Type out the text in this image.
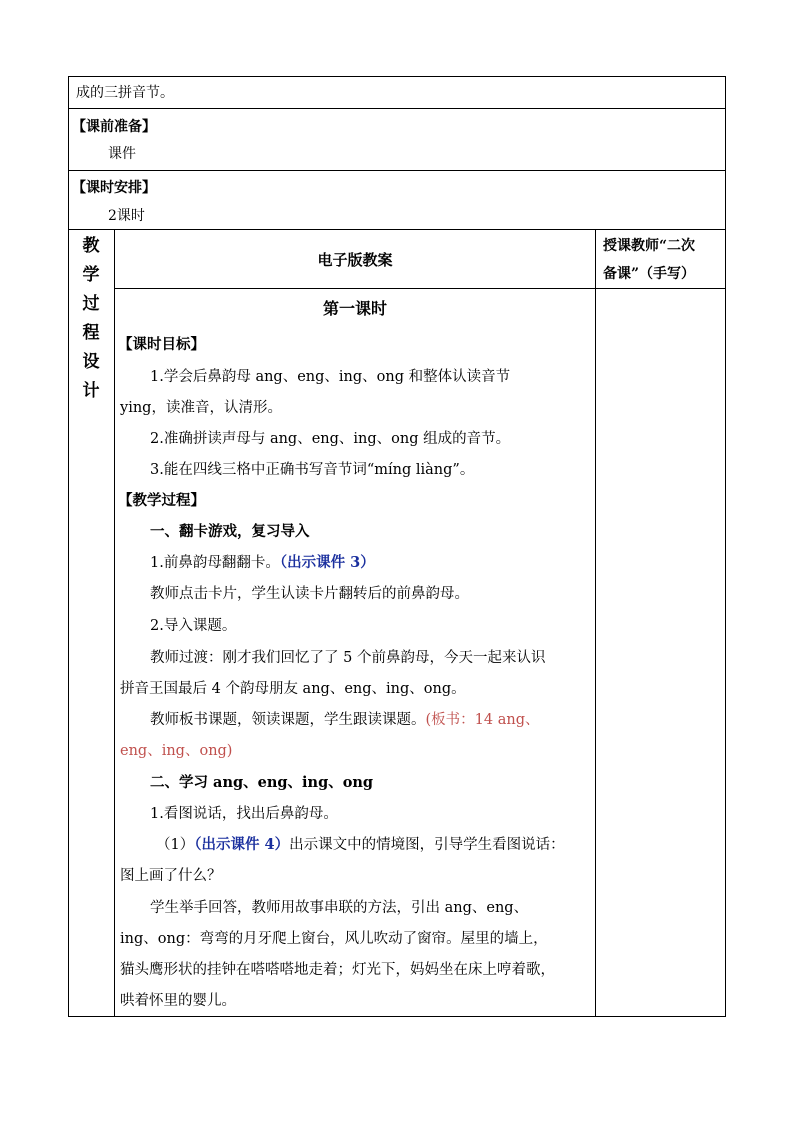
成的三拼音节。
【课前准备】
课件
【课时安排】
2课时
教
学
过
程
设
计
电子版教案
授课教师“二次
备课”（手写）
第一课时
【课时目标】
1.学会后鼻韵母 ang、eng、ing、ong 和整体认读音节
ying，读准音，认清形。
2.准确拼读声母与 ang、eng、ing、ong 组成的音节。
3.能在四线三格中正确书写音节词“míng liàng”。
【教学过程】
一、翻卡游戏，复习导入
1.前鼻韵母翻翻卡。（出示课件 3）
教师点击卡片，学生认读卡片翻转后的前鼻韵母。
2.导入课题。
教师过渡：刚才我们回忆了了 5 个前鼻韵母，今天一起来认识
拼音王国最后 4 个韵母朋友 ang、eng、ing、ong。
教师板书课题，领读课题，学生跟读课题。(板书：14 ang、
eng、ing、ong)
二、学习 ang、eng、ing、ong
1.看图说话，找出后鼻韵母。
（1）（出示课件 4）出示课文中的情境图，引导学生看图说话：
图上画了什么？
学生举手回答，教师用故事串联的方法，引出 ang、eng、
ing、ong：弯弯的月牙爬上窗台，风儿吹动了窗帘。屋里的墙上，
猫头鹰形状的挂钟在嗒嗒嗒地走着；灯光下，妈妈坐在床上哼着歌，
哄着怀里的婴儿。
